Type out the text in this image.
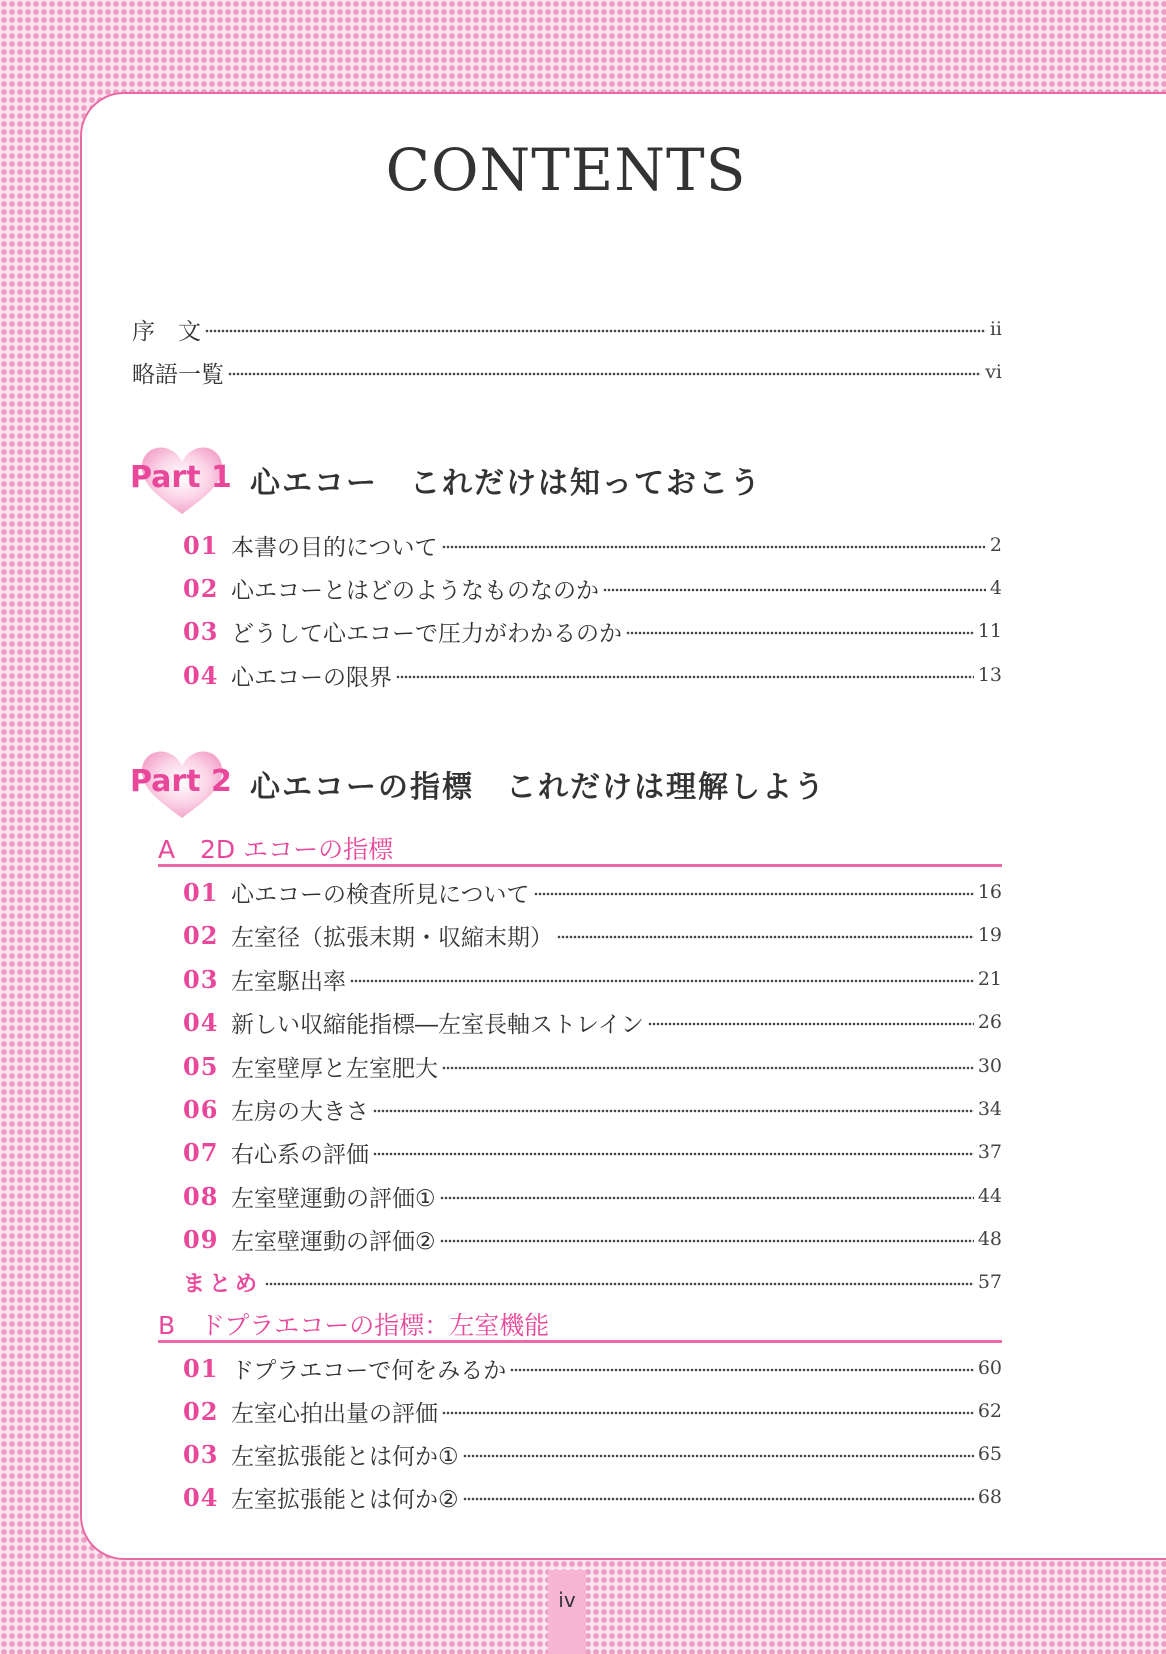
CONTENTS
序　文	ii
略語一覧	vi
Part 1 心エコー　これだけは知っておこう
01 本書の目的について	2
02 心エコーとはどのようなものなのか	4
03 どうして心エコーで圧力がわかるのか	11
04 心エコーの限界	13
Part 2 心エコーの指標　これだけは理解しよう
A 2D エコーの指標
01 心エコーの検査所見について	16
02 左室径（拡張末期・収縮末期）	19
03 左室駆出率	21
04 新しい収縮能指標―左室長軸ストレイン	26
05 左室壁厚と左室肥大	30
06 左房の大きさ	34
07 右心系の評価	37
08 左室壁運動の評価①	44
09 左室壁運動の評価②	48
まとめ	57
B ドプラエコーの指標：左室機能
01 ドプラエコーで何をみるか	60
02 左室心拍出量の評価	62
03 左室拡張能とは何か①	65
04 左室拡張能とは何か②	68
iv
